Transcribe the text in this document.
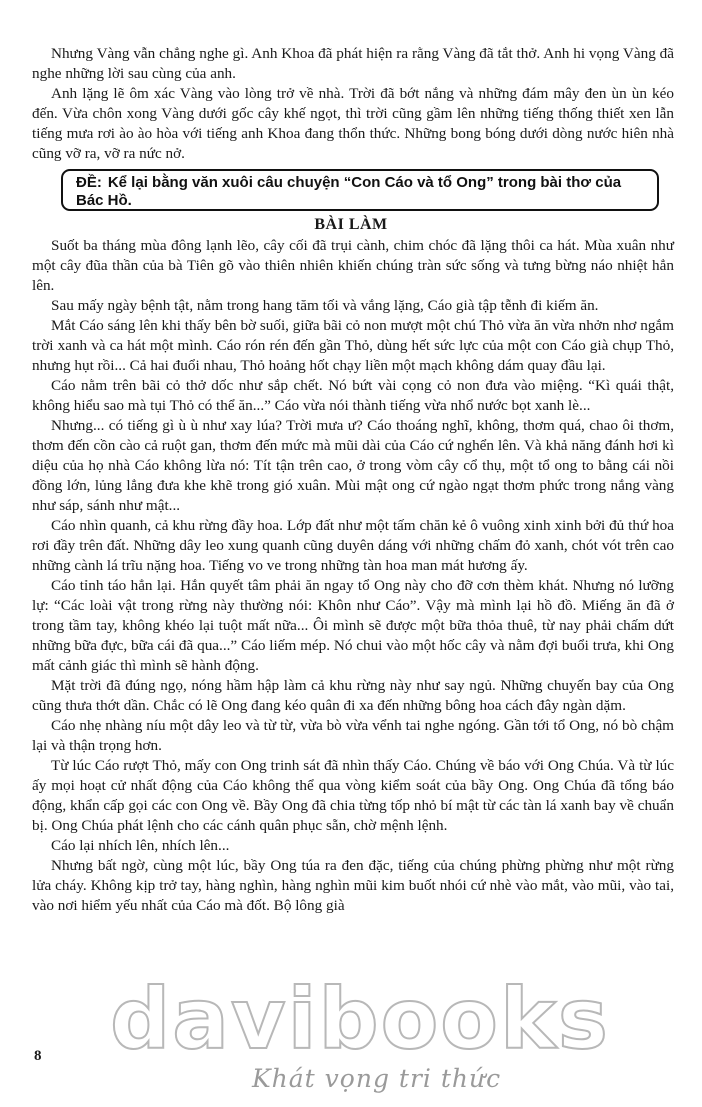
Nhưng Vàng vẫn chẳng nghe gì. Anh Khoa đã phát hiện ra rằng Vàng đã tắt thở. Anh hi vọng Vàng đã nghe những lời sau cùng của anh.

Anh lặng lẽ ôm xác Vàng vào lòng trở về nhà. Trời đã bớt nắng và những đám mây đen ùn ùn kéo đến. Vừa chôn xong Vàng dưới gốc cây khế ngọt, thì trời cũng gầm lên những tiếng thống thiết xen lẫn tiếng mưa rơi ào ào hòa với tiếng anh Khoa đang thổn thức. Những bong bóng dưới dòng nước hiên nhà cũng vỡ ra, vỡ ra nức nở.

ĐỀ: Kể lại bằng văn xuôi câu chuyện “Con Cáo và tổ Ong” trong bài thơ của Bác Hồ.
BÀI LÀM

Suốt ba tháng mùa đông lạnh lẽo, cây cối đã trụi cành, chim chóc đã lặng thôi ca hát. Mùa xuân như một cây đũa thần của bà Tiên gõ vào thiên nhiên khiến chúng tràn sức sống và tưng bừng náo nhiệt hẳn lên.

Sau mấy ngày bệnh tật, nằm trong hang tăm tối và vắng lặng, Cáo già tập tễnh đi kiếm ăn.

Mắt Cáo sáng lên khi thấy bên bờ suối, giữa bãi cỏ non mượt một chú Thỏ vừa ăn vừa nhởn nhơ ngắm trời xanh và ca hát một mình. Cáo rón rén đến gần Thỏ, dùng hết sức lực của một con Cáo già chụp Thỏ, nhưng hụt rồi... Cả hai đuổi nhau, Thỏ hoảng hốt chạy liền một mạch không dám quay đầu lại.

Cáo nằm trên bãi cỏ thở dốc như sắp chết. Nó bứt vài cọng cỏ non đưa vào miệng. “Kì quái thật, không hiểu sao mà tụi Thỏ có thể ăn...” Cáo vừa nói thành tiếng vừa nhổ nước bọt xanh lè...

Nhưng... có tiếng gì ù ù như xay lúa? Trời mưa ư? Cáo thoáng nghĩ, không, thơm quá, chao ôi thơm, thơm đến cồn cào cả ruột gan, thơm đến mức mà mũi dài của Cáo cứ nghển lên. Và khả năng đánh hơi kì diệu của họ nhà Cáo không lừa nó: Tít tận trên cao, ở trong vòm cây cổ thụ, một tổ ong to bằng cái nồi đồng lớn, lủng lẳng đưa khe khẽ trong gió xuân. Mùi mật ong cứ ngào ngạt thơm phức trong nắng vàng như sáp, sánh như mật...

Cáo nhìn quanh, cả khu rừng đầy hoa. Lớp đất như một tấm chăn kẻ ô vuông xinh xinh bởi đủ thứ hoa rơi đầy trên đất. Những dây leo xung quanh cũng duyên dáng với những chấm đỏ xanh, chót vót trên cao những cành lá trĩu nặng hoa. Tiếng vo ve trong những tàn hoa man mát hương ấy.

Cáo tỉnh táo hẳn lại. Hắn quyết tâm phải ăn ngay tổ Ong này cho đỡ cơn thèm khát. Nhưng nó lưỡng lự: “Các loài vật trong rừng này thường nói: Khôn như Cáo”. Vậy mà mình lại hồ đồ. Miếng ăn đã ở trong tầm tay, không khéo lại tuột mất nữa... Ôi mình sẽ được một bữa thỏa thuê, từ nay phải chấm dứt những bữa đực, bữa cái đã qua...” Cáo liếm mép. Nó chui vào một hốc cây và nằm đợi buổi trưa, khi Ong mất cảnh giác thì mình sẽ hành động.

Mặt trời đã đúng ngọ, nóng hầm hập làm cả khu rừng này như say ngủ. Những chuyến bay của Ong cũng thưa thớt dần. Chắc có lẽ Ong đang kéo quân đi xa đến những bông hoa cách đây ngàn dặm.

Cáo nhẹ nhàng níu một dây leo và từ từ, vừa bò vừa vểnh tai nghe ngóng. Gần tới tổ Ong, nó bò chậm lại và thận trọng hơn.

Từ lúc Cáo rượt Thỏ, mấy con Ong trinh sát đã nhìn thấy Cáo. Chúng về báo với Ong Chúa. Và từ lúc ấy mọi hoạt cử nhất động của Cáo không thể qua vòng kiểm soát của bầy Ong. Ong Chúa đã tổng báo động, khẩn cấp gọi các con Ong về. Bầy Ong đã chia từng tốp nhỏ bí mật từ các tàn lá xanh bay về chuẩn bị. Ong Chúa phát lệnh cho các cánh quân phục sẵn, chờ mệnh lệnh.

Cáo lại nhích lên, nhích lên...

Nhưng bất ngờ, cùng một lúc, bầy Ong túa ra đen đặc, tiếng của chúng phừng phừng như một rừng lửa cháy. Không kịp trở tay, hàng nghìn, hàng nghìn mũi kim buốt nhói cứ nhè vào mắt, vào mũi, vào tai, vào nơi hiểm yếu nhất của Cáo mà đốt. Bộ lông già

8 davibooks
Khát vọng tri thức
